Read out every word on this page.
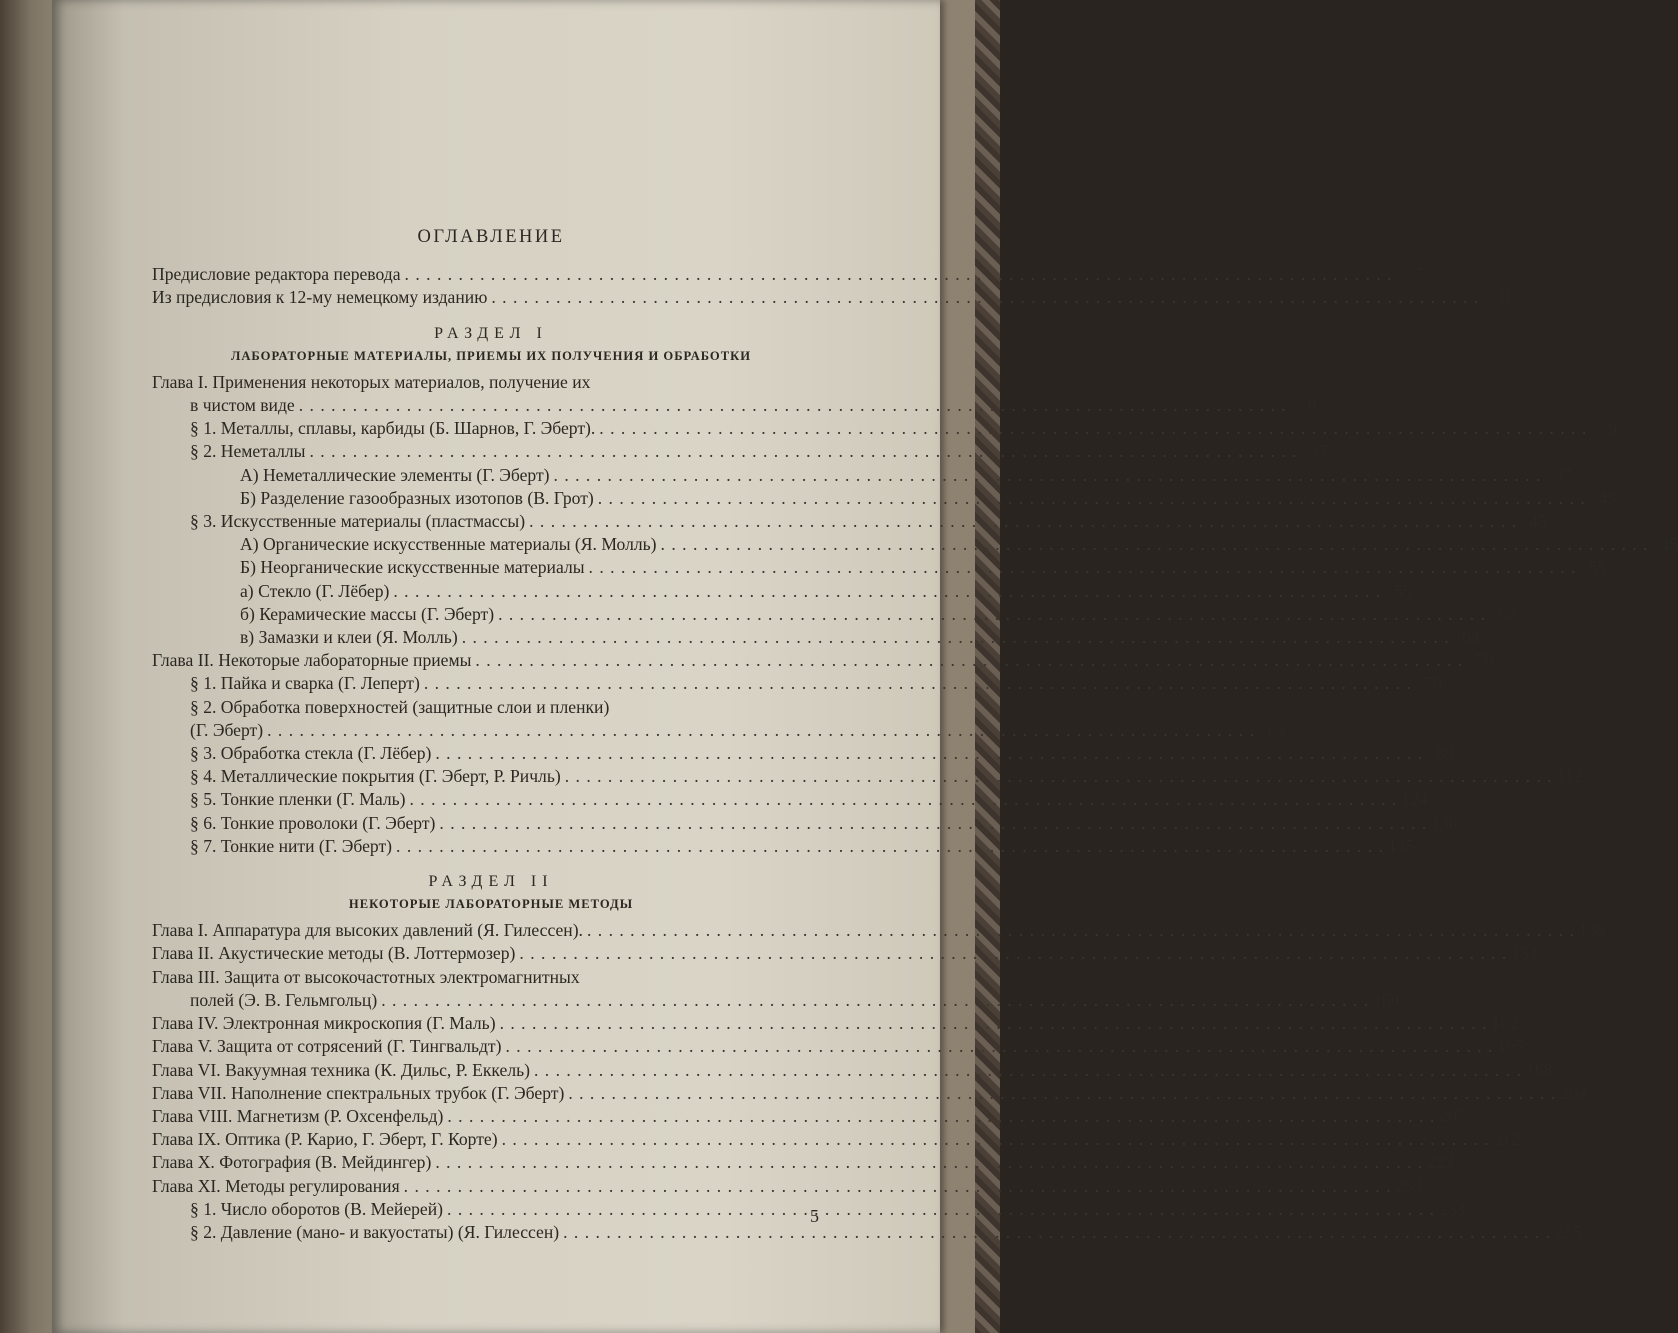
ОГЛАВЛЕНИЕ
Предисловие редактора перевода . . .	7
Из предисловия к 12-му немецкому изданию . . .	8
РАЗДЕЛ I
ЛАБОРАТОРНЫЕ МАТЕРИАЛЫ, ПРИЕМЫ ИХ ПОЛУЧЕНИЯ И ОБРАБОТКИ
Глава I. Применения некоторых материалов, получение их
в чистом виде . . .	9
§ 1. Металлы, сплавы, карбиды (Б. Шарнов, Г. Эберт). . . .	9
§ 2. Неметаллы . . .	37
А) Неметаллические элементы (Г. Эберт) . . .	37
Б) Разделение газообразных изотопов (В. Грот) . . .	43
§ 3. Искусственные материалы (пластмассы) . . .	45
А) Органические искусственные материалы (Я. Молль) . . .	45
Б) Неорганические искусственные материалы . . .	55
а) Стекло (Г. Лёбер) . . .	55
б) Керамические массы (Г. Эберт) . . .	62
в) Замазки и клеи (Я. Молль) . . .	64
Глава II. Некоторые лабораторные приемы . . .	70
§ 1. Пайка и сварка (Г. Леперт) . . .	70
§ 2. Обработка поверхностей (защитные слои и пленки)
(Г. Эберт) . . .	83
§ 3. Обработка стекла (Г. Лёбер) . . .	88
§ 4. Металлические покрытия (Г. Эберт, Р. Ричль) . . .	112
§ 5. Тонкие пленки (Г. Маль) . . .	124
§ 6. Тонкие проволоки (Г. Эберт) . . .	130
§ 7. Тонкие нити (Г. Эберт) . . .	135
РАЗДЕЛ II
НЕКОТОРЫЕ ЛАБОРАТОРНЫЕ МЕТОДЫ
Глава I. Аппаратура для высоких давлений (Я. Гилессен). . . .	139
Глава II. Акустические методы (В. Лоттермозер) . . .	153
Глава III. Защита от высокочастотных электромагнитных
полей (Э. В. Гельмгольц) . . .	160
Глава IV. Электронная микроскопия (Г. Маль) . . .	162
Глава V. Защита от сотрясений (Г. Тингвальдт) . . .	165
Глава VI. Вакуумная техника (К. Дильс, Р. Еккель) . . .	168
Глава VII. Наполнение спектральных трубок (Г. Эберт) . . .	204
Глава VIII. Магнетизм (Р. Охсенфельд) . . .	205
Глава IX. Оптика (Р. Карио, Г. Эберт, Г. Корте) . . .	212
Глава X. Фотография (В. Мейдингер) . . .	223
Глава XI. Методы регулирования . . .	233
§ 1. Число оборотов (В. Мейерей) . . .	233
§ 2. Давление (мано- и вакуостаты) (Я. Гилессен) . . .	235
5
